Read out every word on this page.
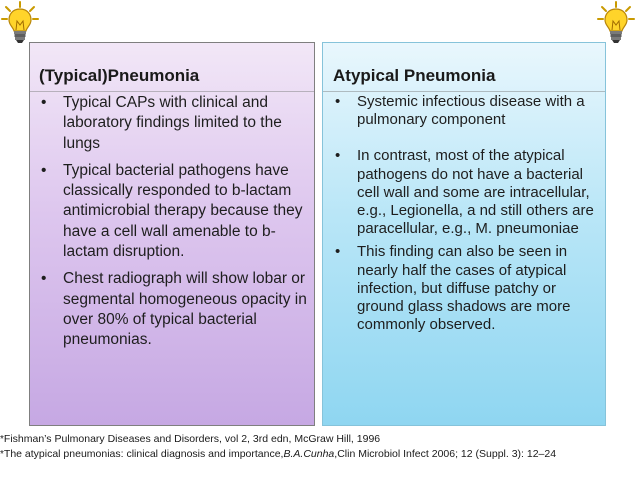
(Typical)Pneumonia
• Typical CAPs with clinical and laboratory findings limited to the lungs
• Typical bacterial pathogens have classically responded to b-lactam antimicrobial therapy because they have a cell wall amenable to b-lactam disruption.
• Chest radiograph will show lobar or segmental homogeneous opacity in over 80% of typical bacterial pneumonias.
Atypical Pneumonia
• Systemic infectious disease with a pulmonary component
• In contrast, most of the atypical pathogens do not have a bacterial cell wall and some are intracellular, e.g., Legionella, a nd still others are paracellular, e.g., M. pneumoniae
• This finding can also be seen in nearly half the cases of atypical infection, but diffuse patchy or ground glass shadows are more commonly observed.
*Fishman’s Pulmonary Diseases and Disorders, vol 2, 3rd edn, McGraw Hill, 1996
*The atypical pneumonias: clinical diagnosis and importance,B.A.Cunha,Clin Microbiol Infect 2006; 12 (Suppl. 3): 12–24
